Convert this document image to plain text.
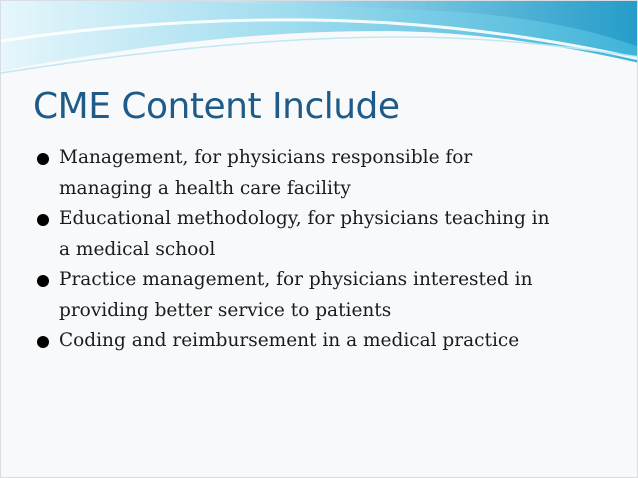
CME Content Include
Management, for physicians responsible for
managing a health care facility
Educational methodology, for physicians teaching in
a medical school
Practice management, for physicians interested in
providing better service to patients
Coding and reimbursement in a medical practice
